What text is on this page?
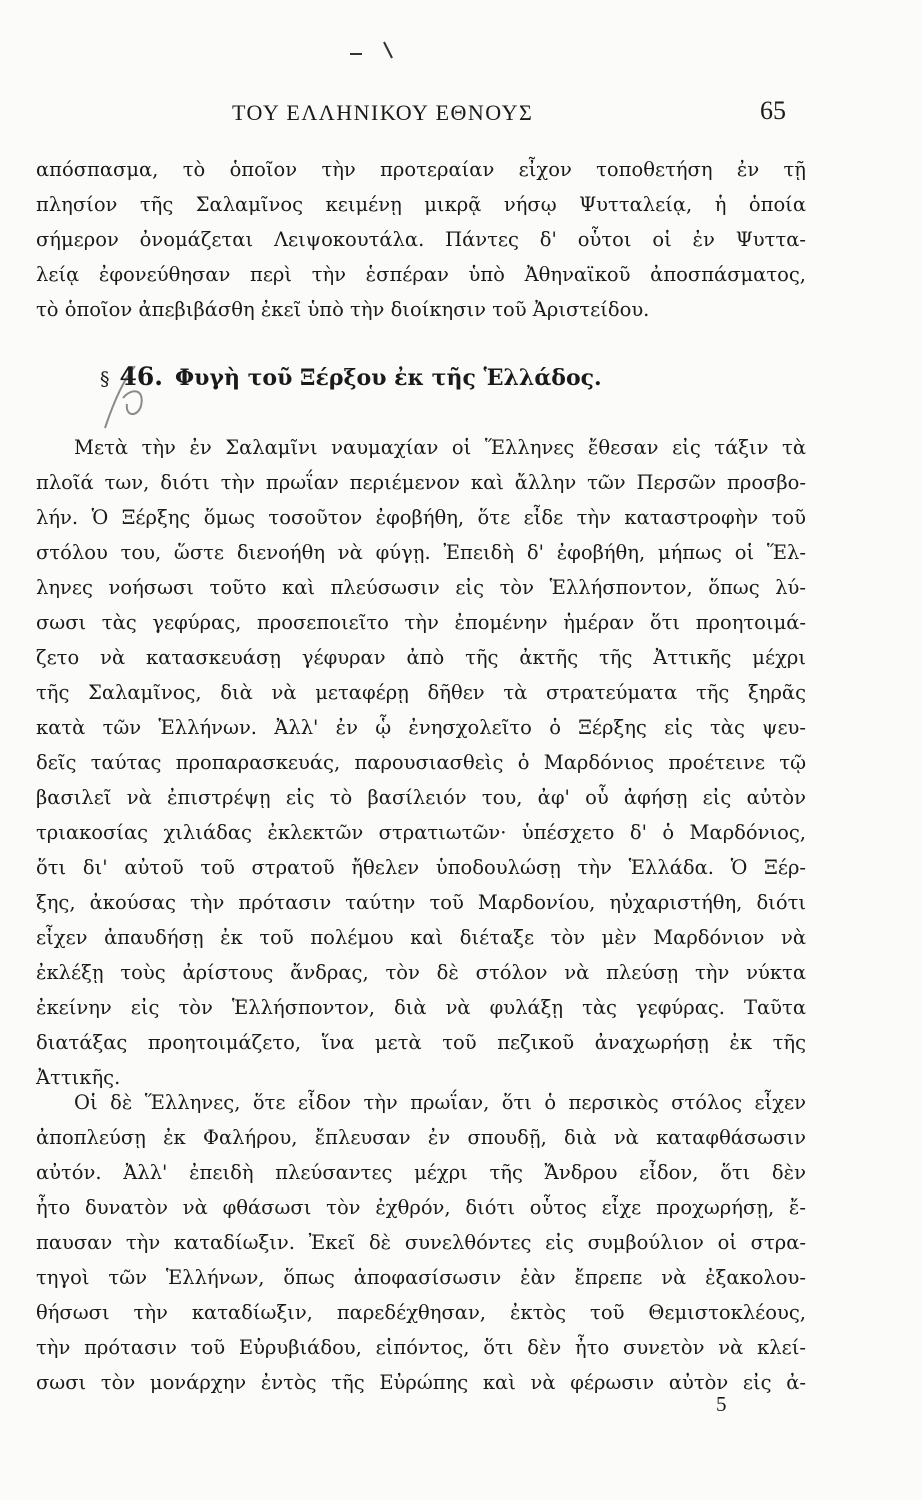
ΤΟΥ ΕΛΛΗΝΙΚΟΥ ΕΘΝΟΥΣ	65
απόσπασμα, τὸ ὁποῖον τὴν προτεραίαν εἶχον τοποθετήση ἐν τῇ
πλησίον τῆς Σαλαμῖνος κειμένῃ μικρᾷ νήσῳ Ψυτταλείᾳ, ἡ ὁποία
σήμερον ὀνομάζεται Λειψοκουτάλα. Πάντες δ' οὗτοι οἱ ἐν Ψυττα-
λείᾳ ἐφονεύθησαν περὶ τὴν ἑσπέραν ὑπὸ Ἀθηναϊκοῦ ἀποσπάσματος,
τὸ ὁποῖον ἀπεβιβάσθη ἐκεῖ ὑπὸ τὴν διοίκησιν τοῦ Ἀριστείδου.
§ 46. Φυγὴ τοῦ Ξέρξου ἐκ τῆς Ἑλλάδος.
Μετὰ τὴν ἐν Σαλαμῖνι ναυμαχίαν οἱ Ἕλληνες ἔθεσαν εἰς τάξιν τὰ
πλοῖά των, διότι τὴν πρωΐαν περιέμενον καὶ ἄλλην τῶν Περσῶν προσβο-
λήν. Ὁ Ξέρξης ὅμως τοσοῦτον ἐφοβήθη, ὅτε εἶδε τὴν καταστροφὴν τοῦ
στόλου του, ὥστε διενοήθη νὰ φύγῃ. Ἐπειδὴ δ' ἐφοβήθη, μήπως οἱ Ἕλ-
ληνες νοήσωσι τοῦτο καὶ πλεύσωσιν εἰς τὸν Ἑλλήσποντον, ὅπως λύ-
σωσι τὰς γεφύρας, προσεποιεῖτο τὴν ἐπομένην ἡμέραν ὅτι προητοιμά-
ζετο νὰ κατασκευάσῃ γέφυραν ἀπὸ τῆς ἀκτῆς τῆς Ἀττικῆς μέχρι
τῆς Σαλαμῖνος, διὰ νὰ μεταφέρῃ δῆθεν τὰ στρατεύματα τῆς ξηρᾶς
κατὰ τῶν Ἑλλήνων. Ἀλλ' ἐν ᾧ ἐνησχολεῖτο ὁ Ξέρξης εἰς τὰς ψευ-
δεῖς ταύτας προπαρασκευάς, παρουσιασθεὶς ὁ Μαρδόνιος προέτεινε τῷ
βασιλεῖ νὰ ἐπιστρέψῃ εἰς τὸ βασίλειόν του, ἀφ' οὗ ἀφήσῃ εἰς αὐτὸν
τριακοσίας χιλιάδας ἐκλεκτῶν στρατιωτῶν· ὑπέσχετο δ' ὁ Μαρδόνιος,
ὅτι δι' αὐτοῦ τοῦ στρατοῦ ἤθελεν ὑποδουλώσῃ τὴν Ἑλλάδα. Ὁ Ξέρ-
ξης, ἀκούσας τὴν πρότασιν ταύτην τοῦ Μαρδονίου, ηὐχαριστήθη, διότι
εἶχεν ἀπαυδήσῃ ἐκ τοῦ πολέμου καὶ διέταξε τὸν μὲν Μαρδόνιον νὰ
ἐκλέξῃ τοὺς ἀρίστους ἄνδρας, τὸν δὲ στόλον νὰ πλεύσῃ τὴν νύκτα
ἐκείνην εἰς τὸν Ἑλλήσποντον, διὰ νὰ φυλάξῃ τὰς γεφύρας. Ταῦτα
διατάξας προητοιμάζετο, ἵνα μετὰ τοῦ πεζικοῦ ἀναχωρήσῃ ἐκ τῆς
Ἀττικῆς.
Οἱ δὲ Ἕλληνες, ὅτε εἶδον τὴν πρωΐαν, ὅτι ὁ περσικὸς στόλος εἶχεν
ἀποπλεύσῃ ἐκ Φαλήρου, ἔπλευσαν ἐν σπουδῇ, διὰ νὰ καταφθάσωσιν
αὐτόν. Ἀλλ' ἐπειδὴ πλεύσαντες μέχρι τῆς Ἄνδρου εἶδον, ὅτι δὲν
ἦτο δυνατὸν νὰ φθάσωσι τὸν ἐχθρόν, διότι οὗτος εἶχε προχωρήσῃ, ἔ-
παυσαν τὴν καταδίωξιν. Ἐκεῖ δὲ συνελθόντες εἰς συμβούλιον οἱ στρα-
τηγοὶ τῶν Ἑλλήνων, ὅπως ἀποφασίσωσιν ἐὰν ἔπρεπε νὰ ἐξακολου-
θήσωσι τὴν καταδίωξιν, παρεδέχθησαν, ἐκτὸς τοῦ Θεμιστοκλέους,
τὴν πρότασιν τοῦ Εὐρυβιάδου, εἰπόντος, ὅτι δὲν ἦτο συνετὸν νὰ κλεί-
σωσι τὸν μονάρχην ἐντὸς τῆς Εὐρώπης καὶ νὰ φέρωσιν αὐτὸν εἰς ἀ-
5
